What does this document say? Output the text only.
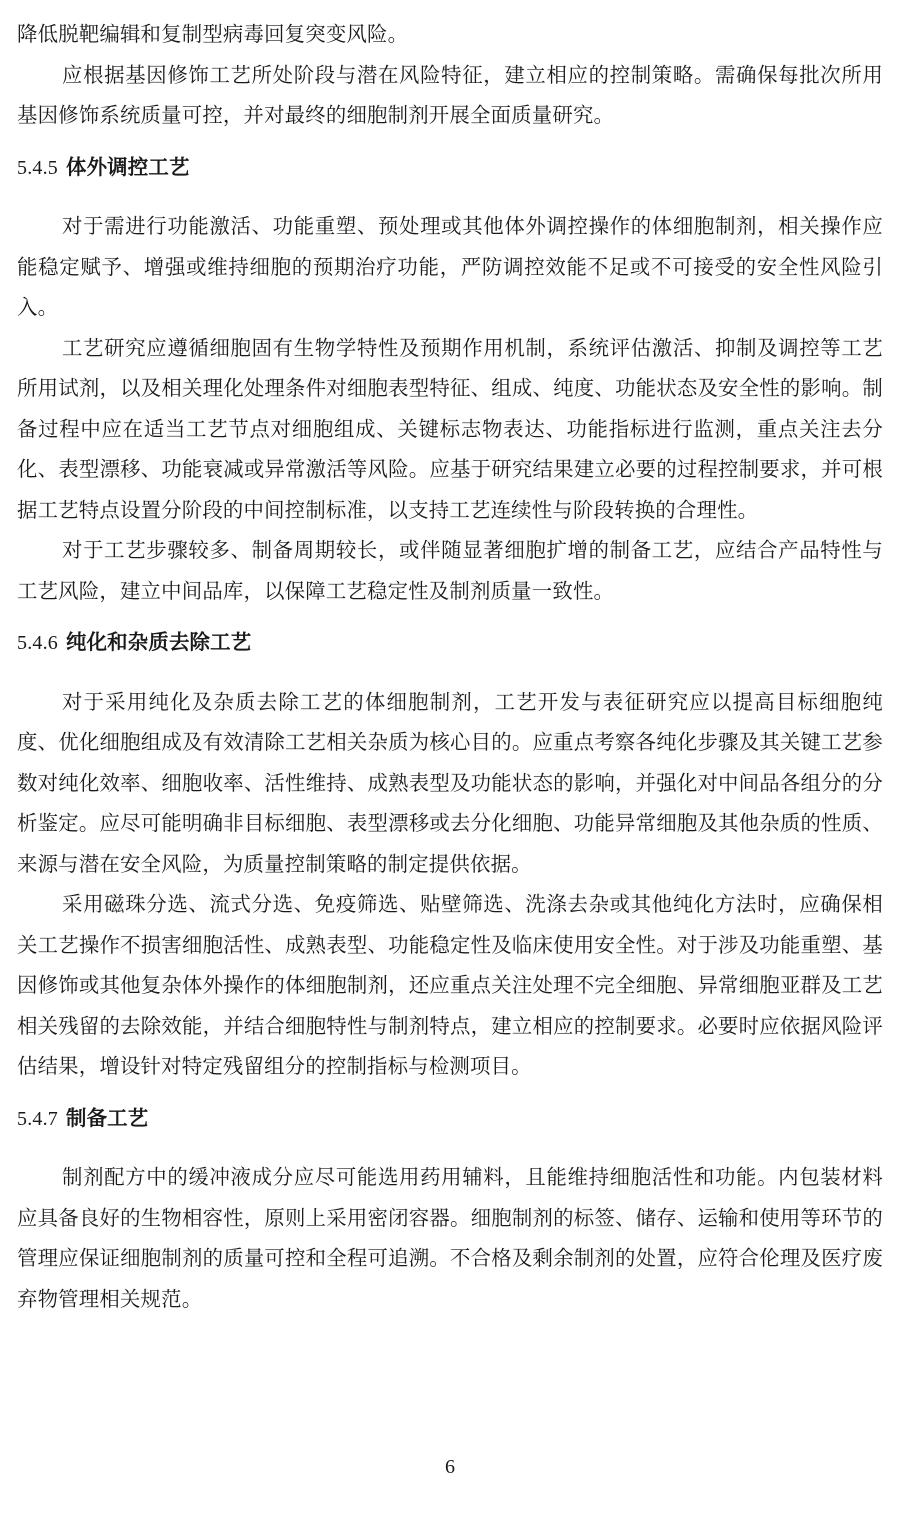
降低脱靶编辑和复制型病毒回复突变风险。

应根据基因修饰工艺所处阶段与潜在风险特征，建立相应的控制策略。需确保每批次所用基因修饰系统质量可控，并对最终的细胞制剂开展全面质量研究。

5.4.5 体外调控工艺

对于需进行功能激活、功能重塑、预处理或其他体外调控操作的体细胞制剂，相关操作应能稳定赋予、增强或维持细胞的预期治疗功能，严防调控效能不足或不可接受的安全性风险引入。

工艺研究应遵循细胞固有生物学特性及预期作用机制，系统评估激活、抑制及调控等工艺所用试剂，以及相关理化处理条件对细胞表型特征、组成、纯度、功能状态及安全性的影响。制备过程中应在适当工艺节点对细胞组成、关键标志物表达、功能指标进行监测，重点关注去分化、表型漂移、功能衰减或异常激活等风险。应基于研究结果建立必要的过程控制要求，并可根据工艺特点设置分阶段的中间控制标准，以支持工艺连续性与阶段转换的合理性。

对于工艺步骤较多、制备周期较长，或伴随显著细胞扩增的制备工艺，应结合产品特性与工艺风险，建立中间品库，以保障工艺稳定性及制剂质量一致性。

5.4.6 纯化和杂质去除工艺

对于采用纯化及杂质去除工艺的体细胞制剂，工艺开发与表征研究应以提高目标细胞纯度、优化细胞组成及有效清除工艺相关杂质为核心目的。应重点考察各纯化步骤及其关键工艺参数对纯化效率、细胞收率、活性维持、成熟表型及功能状态的影响，并强化对中间品各组分的分析鉴定。应尽可能明确非目标细胞、表型漂移或去分化细胞、功能异常细胞及其他杂质的性质、来源与潜在安全风险，为质量控制策略的制定提供依据。

采用磁珠分选、流式分选、免疫筛选、贴壁筛选、洗涤去杂或其他纯化方法时，应确保相关工艺操作不损害细胞活性、成熟表型、功能稳定性及临床使用安全性。对于涉及功能重塑、基因修饰或其他复杂体外操作的体细胞制剂，还应重点关注处理不完全细胞、异常细胞亚群及工艺相关残留的去除效能，并结合细胞特性与制剂特点，建立相应的控制要求。必要时应依据风险评估结果，增设针对特定残留组分的控制指标与检测项目。

5.4.7 制备工艺

制剂配方中的缓冲液成分应尽可能选用药用辅料，且能维持细胞活性和功能。内包装材料应具备良好的生物相容性，原则上采用密闭容器。细胞制剂的标签、储存、运输和使用等环节的管理应保证细胞制剂的质量可控和全程可追溯。不合格及剩余制剂的处置，应符合伦理及医疗废弃物管理相关规范。

6
